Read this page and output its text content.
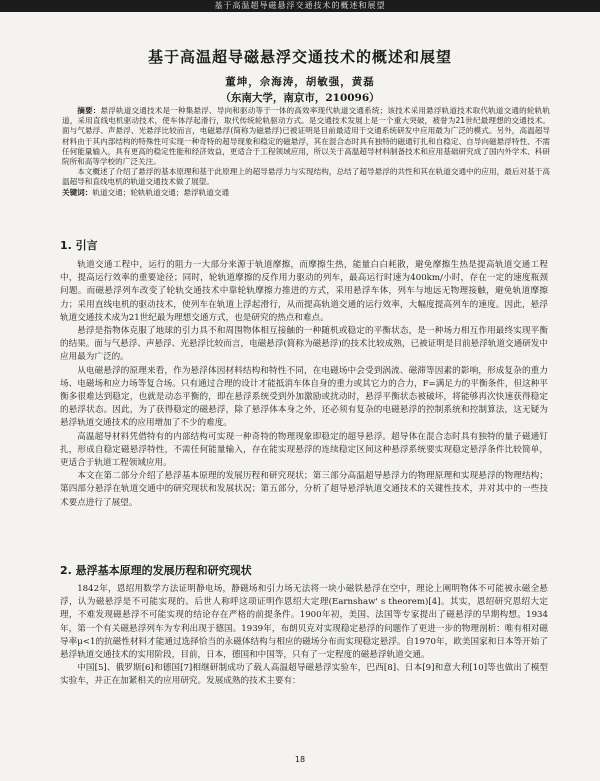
基于高温超导磁悬浮交通技术的概述和展望
基于高温超导磁悬浮交通技术的概述和展望
董坤，佘海涛，胡敏强，黄磊
（东南大学，南京市，210096）

摘要：悬浮轨道交通技术是一种集悬浮、导向和驱动等于一体的高效率现代轨道交通系统；该技术采用悬浮轨道技术取代轨道交通的轮轨轨道，采用直线电机驱动技术，使车体浮起滑行，取代传统轮轨驱动方式。是交通技术发展上是一个重大突破，被誉为21世纪最理想的交通技术。面与气悬浮、声悬浮、光悬浮比较而言，电磁悬浮(简称为磁悬浮)已被证明是目前最适用于交通系统研发中应用最为广泛的模式。另外，高温超导材料由于其内部结构的特殊性可实现一种奇特的超导现象和稳定的磁悬浮，其在混合态时具有独特的磁通钉扎和自稳定、自导向磁悬浮特性、不需任何能量输入，具有更高的稳定性能和经济效益，更适合于工程领域应用，所以关于高温超导材料制备技术和应用基础研究成了国内外学术、科研院所和高等学校的广泛关注。

本文概述了介绍了悬浮的基本原理和基于此原理上的超导悬浮力与实现结构，总结了超导悬浮的共性和其在轨道交通中的应用，最后对基于高温超导和直线电机的轨道交通技术做了展望。

关键词：轨道交通；轮轨轨道交通；悬浮轨道交通

1. 引言

轨道交通工程中，运行的阻力一大部分来源于轨道摩擦，而摩擦生热，能量白白耗散，避免摩擦生热是提高轨道交通工程中，提高运行效率的重要途径；同时，轮轨道摩擦的反作用力驱动的列车，最高运行时速为400km/小时，存在一定的速度瓶颈问题。而磁悬浮列车改变了轮轨交通技术中靠轮轨摩擦力推进的方式，采用悬浮车体，列车与地远无物理接触，避免轨道摩擦力；采用直线电机的驱动技术，使列车在轨道上浮起滑行，从而提高轨道交通的运行效率，大幅度提高列车的速度。因此，悬浮轨道交通技术成为21世纪最为理想交通方式，也是研究的热点和难点。

悬浮是指物体克服了地球的引力具不和周围物体相互接触的一种随机或稳定的平衡状态，是一种场力相互作用最终实现平衡的结果。面与气悬浮、声悬浮、光悬浮比较而言，电磁悬浮(简称为磁悬浮)的技术比较成熟，已被证明是目前悬浮轨道交通研发中应用最为广泛的。

从电磁悬浮的原理来看，作为悬浮体因材料结构和特性不同，在电磁场中会受到涡流、磁滞等因素的影响，形成复杂的重力场、电磁场和应力场等复合场。只有通过合理的设计才能抵消车体自身的重力或其它力的合力，F=满足力的平衡条件，但这种平衡多很难达到稳定，也就是动态平衡的，即在悬浮系统受到外加激励或扰动时，悬浮平衡状态被破坏，将能够再次快速获得稳定的悬浮状态。因此，为了获得稳定的磁悬浮，除了悬浮体本身之外，还必须有复杂的电磁悬浮的控制系统和控制算法，这无疑为悬浮轨道交通技术的应用增加了不少的难度。

高温超导材料凭借特有的内部结构可实现一种奇特的物理现象即稳定的超导悬浮。超导体在混合态时具有独特的量子磁通钉扎，形成自稳定磁悬浮特性，不需任何能量输入，存在能实现悬浮的连续稳定区间这种悬浮系统要实现稳定悬浮条件比较简单，更适合于轨道工程领域应用。

本文在第二部分介绍了悬浮基本原理的发展历程和研究现状；第三部分高温超导悬浮力的物理原理和实现悬浮的物理结构；第四部分悬浮在轨道交通中的研究现状和发展状况；第五部分，分析了超导悬浮轨道交通技术的关键性技术，并对其中的一些技术要点进行了展望。

2. 悬浮基本原理的发展历程和研究现状

1842年，恩绍用数学方法证明静电场，静磁场和引力场无法将一块小磁铁悬浮在空中，理论上阐明物体不可能被永磁全悬浮，认为磁悬浮是不可能实现的。后世人称呼这项证明作恩绍大定理(Earnshaw' s theorem)[4]。其实，恩绍研究恩绍大定理，不难发现磁悬浮不可能实现的结论存在严格的前提条件。1900年初，美国、法国等专家提出了磁悬浮的早期构想。1934年，第一个有关磁悬浮列车为专利出现于德国。1939年，布朗贝克对实现稳定悬浮的问题作了更进一步的物理剖析：唯有相对磁导率μ<1的抗磁性材料才能通过选择恰当的永磁体结构与相应的磁场分布而实现稳定悬浮。自1970年，欧美国家和日本等开始了悬浮轨道交通技术的实用阶段，目前，日本，德国和中国等，只有了一定程度的磁悬浮轨道交通。

中国[5]、俄罗斯[6]和德国[7]相继研制成功了载人高温超导磁悬浮实验车，巴西[8]、日本[9]和意大利[10]等也做出了模型实验车，并正在加紧相关的应用研究。发展成熟的技术主要有：

18
